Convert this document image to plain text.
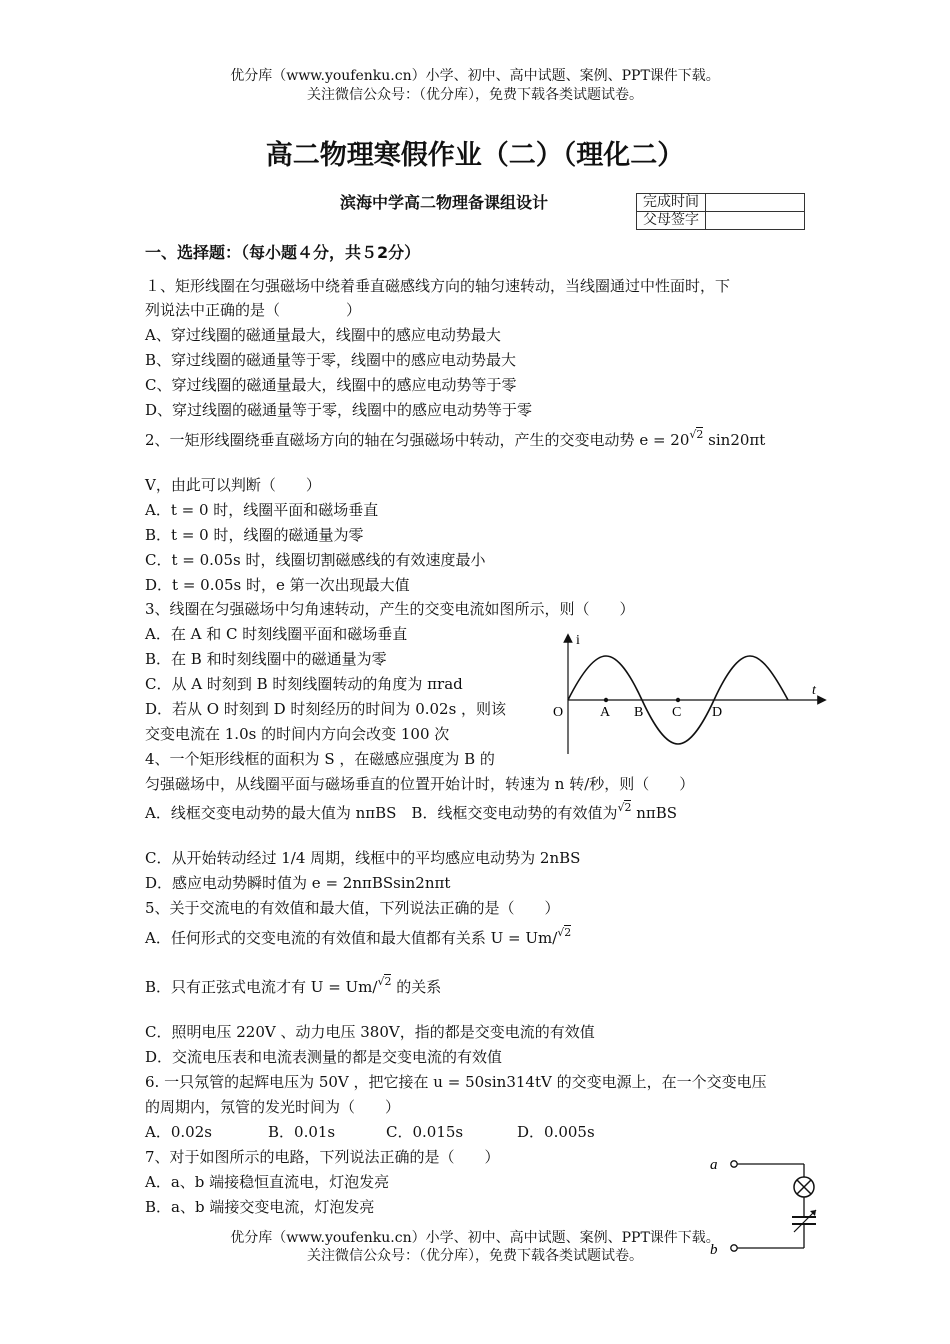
优分库（www.youfenku.cn）小学、初中、高中试题、案例、PPT课件下载。
关注微信公众号：（优分库），免费下载各类试题试卷。
高二物理寒假作业（二）（理化二）
滨海中学高二物理备课组设计	完成时间	
父母签字	
一、选择题：（每小题４分，共５2分）
１、矩形线圈在匀强磁场中绕着垂直磁感线方向的轴匀速转动，当线圈通过中性面时，下
列说法中正确的是（	）
A、穿过线圈的磁通量最大，线圈中的感应电动势最大
B、穿过线圈的磁通量等于零，线圈中的感应电动势最大
C、穿过线圈的磁通量最大，线圈中的感应电动势等于零
D、穿过线圈的磁通量等于零，线圈中的感应电动势等于零
2、一矩形线圈绕垂直磁场方向的轴在匀强磁场中转动，产生的交变电动势 $e = 20^{√2}$ sin20πt
V，由此可以判断（　　）
A．t = 0 时，线圈平面和磁场垂直
B．t = 0 时，线圈的磁通量为零
C．t = 0.05s 时，线圈切割磁感线的有效速度最小
D．t = 0.05s 时，e 第一次出现最大值
3、线圈在匀强磁场中匀角速转动，产生的交变电流如图所示，则（　　）
A．在 A 和 C 时刻线圈平面和磁场垂直
B．在 B 和时刻线圈中的磁通量为零
C．从 A 时刻到 B 时刻线圈转动的角度为 πrad
D．若从 O 时刻到 D 时刻经历的时间为 0.02s ，则该
交变电流在 1.0s 的时间内方向会改变 100 次
i
t
O	A B C D
4、一个矩形线框的面积为 S ，在磁感应强度为 B 的
匀强磁场中，从线圈平面与磁场垂直的位置开始计时，转速为 n 转/秒，则（　　）
A．线框交变电动势的最大值为 nπBS　B．线框交变电动势的有效值为$^{√2}$ nπBS
C．从开始转动经过 1/4 周期，线框中的平均感应电动势为 2nBS
D．感应电动势瞬时值为 e = 2nπBSsin2nπt
5、关于交流电的有效值和最大值，下列说法正确的是（　　）
A．任何形式的交变电流的有效值和最大值都有关系 U = Um/$^{√2}$
B．只有正弦式电流才有 U = Um/$^{√2}$ 的关系
C．照明电压 220V 、动力电压 380V，指的都是交变电流的有效值
D．交流电压表和电流表测量的都是交变电流的有效值
6. 一只氖管的起辉电压为 50V ，把它接在 u = 50sin314tV 的交变电源上，在一个交变电压
的周期内，氖管的发光时间为（　　）
A．0.02s	B．0.01s	C．0.015s	D．0.005s
7、对于如图所示的电路，下列说法正确的是（　　）
A．a、b 端接稳恒直流电，灯泡发亮
B．a、b 端接交变电流，灯泡发亮
a
b
优分库（www.youfenku.cn）小学、初中、高中试题、案例、PPT课件下载。
关注微信公众号：（优分库），免费下载各类试题试卷。
